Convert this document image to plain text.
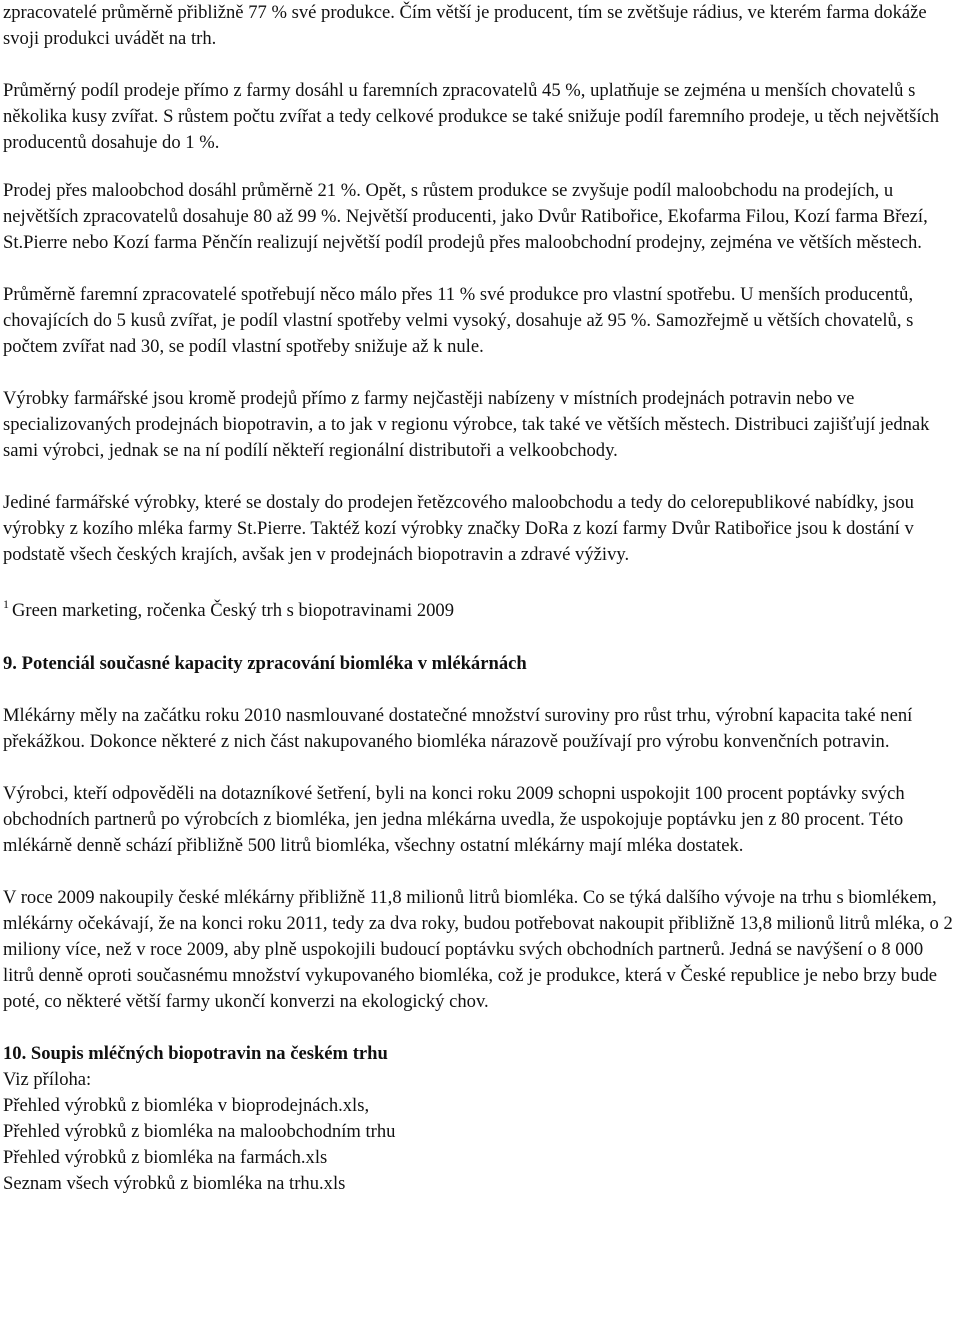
zpracovatelé průměrně přibližně 77 % své produkce. Čím větší je producent, tím se zvětšuje rádius, ve kterém farma dokáže svoji produkci uvádět na trh.

Průměrný podíl prodeje přímo z farmy dosáhl u faremních zpracovatelů 45 %, uplatňuje se zejména u menších chovatelů s několika kusy zvířat. S růstem počtu zvířat a tedy celkové produkce se také snižuje podíl faremního prodeje, u těch největších producentů dosahuje do 1 %.

Prodej přes maloobchod dosáhl průměrně 21 %. Opět, s růstem produkce se zvyšuje podíl maloobchodu na prodejích, u největších zpracovatelů dosahuje 80 až 99 %. Největší producenti, jako Dvůr Ratibořice, Ekofarma Filou, Kozí farma Březí, St.Pierre nebo Kozí farma Pěnčín realizují největší podíl prodejů přes maloobchodní prodejny, zejména ve větších městech.

Průměrně faremní zpracovatelé spotřebují něco málo přes 11 % své produkce pro vlastní spotřebu. U menších producentů, chovajících do 5 kusů zvířat, je podíl vlastní spotřeby velmi vysoký, dosahuje až 95 %. Samozřejmě u větších chovatelů, s počtem zvířat nad 30, se podíl vlastní spotřeby snižuje až k nule.

Výrobky farmářské jsou kromě prodejů přímo z farmy nejčastěji nabízeny v místních prodejnách potravin nebo ve specializovaných prodejnách biopotravin, a to jak v regionu výrobce, tak také ve větších městech. Distribuci zajišťují jednak sami výrobci, jednak se na ní podílí někteří regionální distributoři a velkoobchody.

Jediné farmářské výrobky, které se dostaly do prodejen řetězcového maloobchodu a tedy do celorepublikové nabídky, jsou výrobky z kozího mléka farmy St.Pierre. Taktéž kozí výrobky značky DoRa z kozí farmy Dvůr Ratibořice jsou k dostání v podstatě všech českých krajích, avšak jen v prodejnách biopotravin a zdravé výživy.

$^1$ Green marketing, ročenka Český trh s biopotravinami 2009

9. Potenciál současné kapacity zpracování biomléka v mlékárnách

Mlékárny měly na začátku roku 2010 nasmlouvané dostatečné množství suroviny pro růst trhu, výrobní kapacita také není překážkou. Dokonce některé z nich část nakupovaného biomléka nárazově používají pro výrobu konvenčních potravin.

Výrobci, kteří odpověděli na dotazníkové šetření, byli na konci roku 2009 schopni uspokojit 100 procent poptávky svých obchodních partnerů po výrobcích z biomléka, jen jedna mlékárna uvedla, že uspokojuje poptávku jen z 80 procent. Této mlékárně denně schází přibližně 500 litrů biomléka, všechny ostatní mlékárny mají mléka dostatek.

V roce 2009 nakoupily české mlékárny přibližně 11,8 milionů litrů biomléka. Co se týká dalšího vývoje na trhu s biomlékem, mlékárny očekávají, že na konci roku 2011, tedy za dva roky, budou potřebovat nakoupit přibližně 13,8 milionů litrů mléka, o 2 miliony více, než v roce 2009, aby plně uspokojili budoucí poptávku svých obchodních partnerů. Jedná se navýšení o 8 000 litrů denně oproti současnému množství vykupovaného biomléka, což je produkce, která v České republice je nebo brzy bude poté, co některé větší farmy ukončí konverzi na ekologický chov.

10. Soupis mléčných biopotravin na českém trhu

Viz příloha:

Přehled výrobků z biomléka v bioprodejnách.xls,

Přehled výrobků z biomléka na maloobchodním trhu

Přehled výrobků z biomléka na farmách.xls

Seznam všech výrobků z biomléka na trhu.xls
